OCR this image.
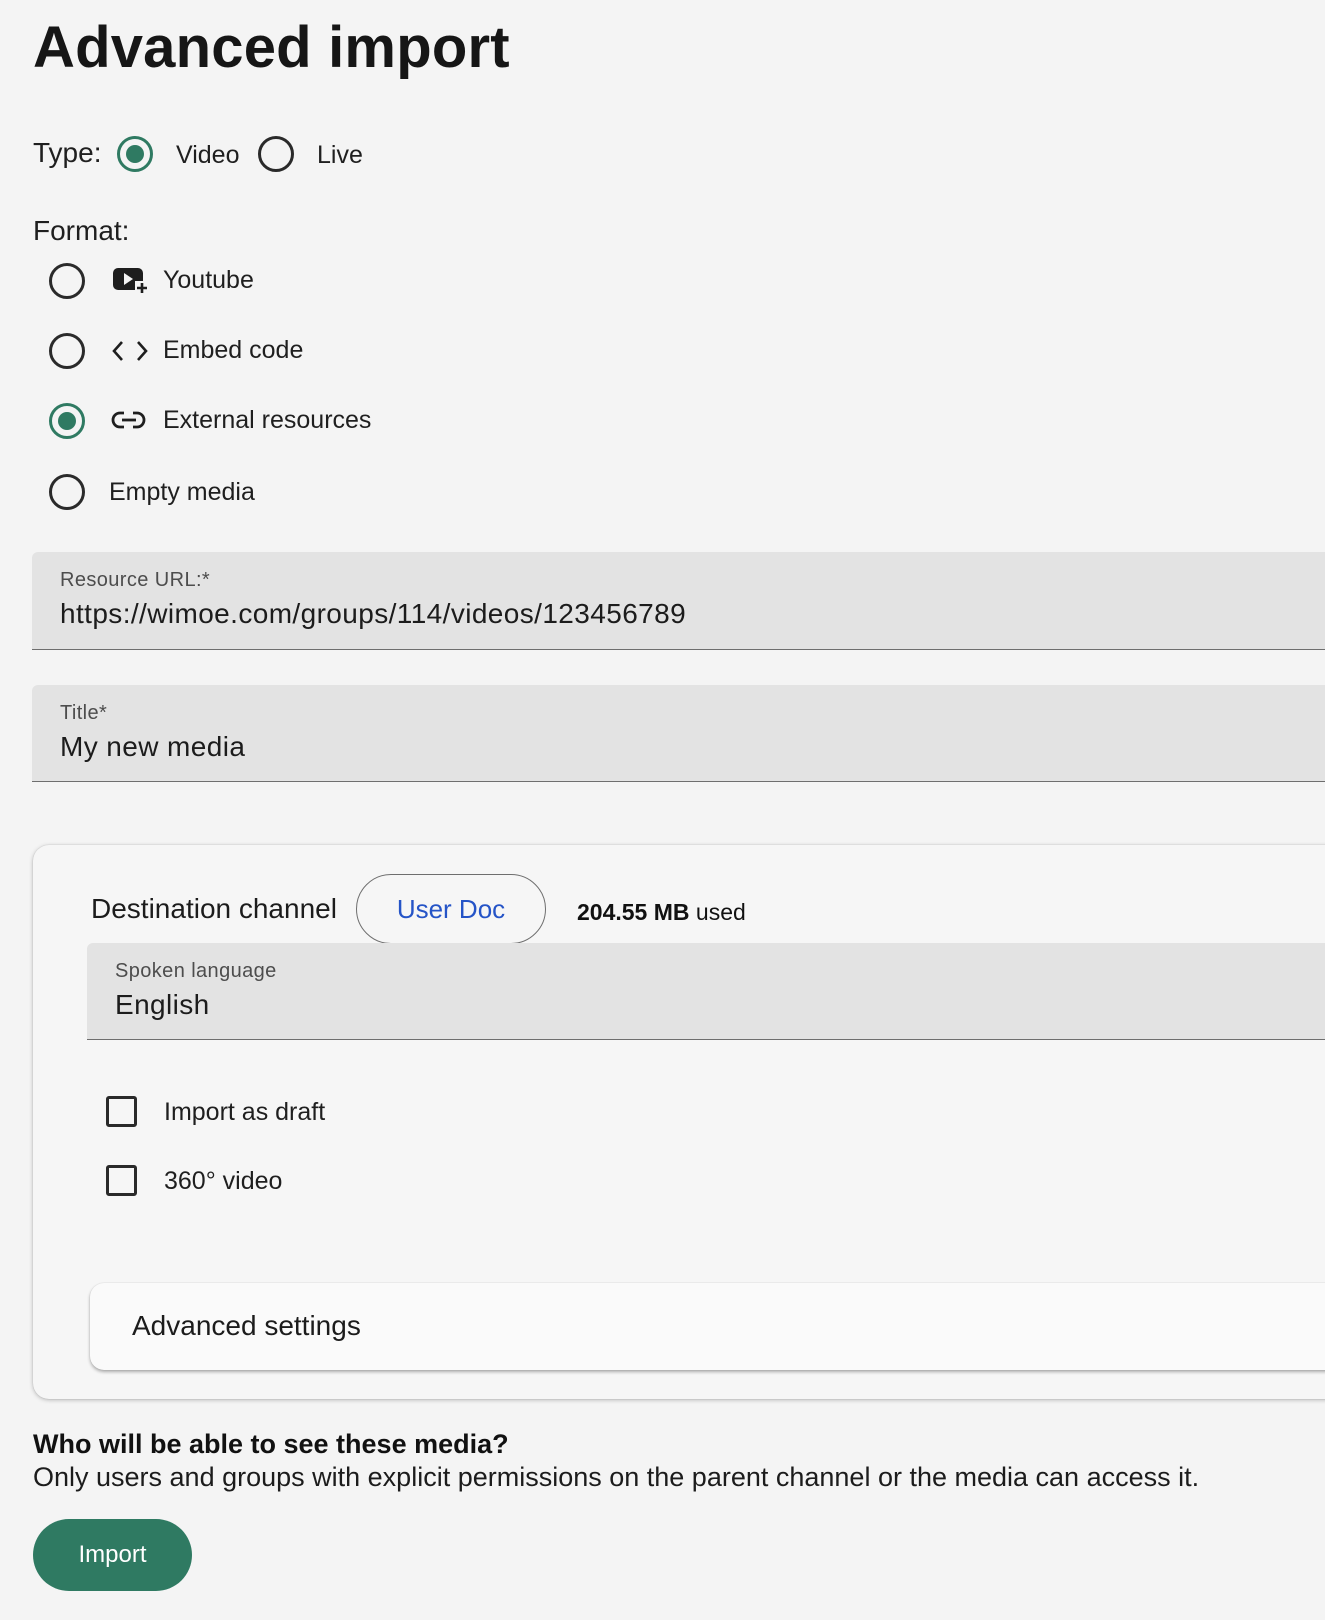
Advanced import
Type:	Video	Live
Format:
Youtube
Embed code
External resources
Empty media
Resource URL:*
https://wimoe.com/groups/114/videos/123456789
Title*
My new media
Destination channel	User Doc	204.55 MB used
Spoken language
English
Import as draft
360° video
Advanced settings

Who will be able to see these media?

Only users and groups with explicit permissions on the parent channel or the media can access it.

Import
